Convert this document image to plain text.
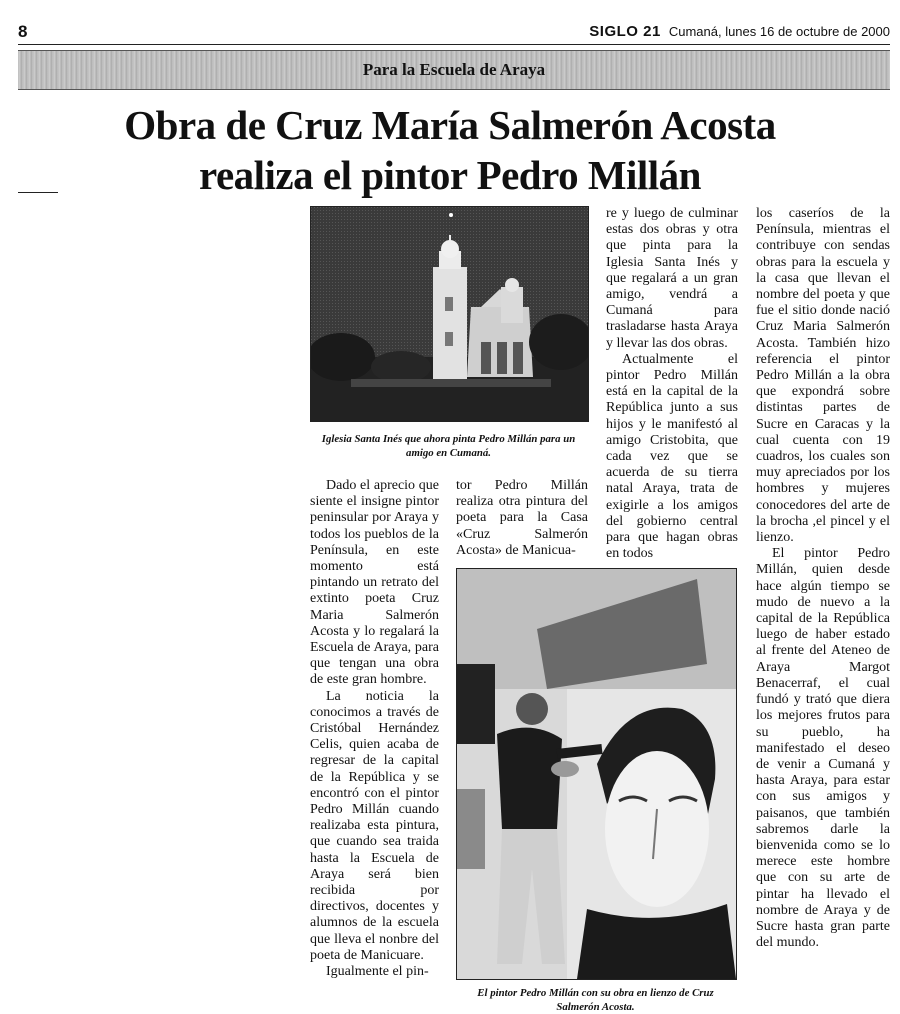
8	SIGLO 21 Cumaná, lunes 16 de octubre de 2000
Para la Escuela de Araya
Obra de Cruz María Salmerón Acosta
realiza el pintor Pedro Millán
Iglesia Santa Inés que ahora pinta Pedro Millán para un amigo en Cumaná.
El pintor Pedro Millán con su obra en lienzo de Cruz Salmerón Acosta.

Dado el aprecio que siente el insigne pintor peninsular por Araya y todos los pueblos de la Península, en este momento está pintando un retrato del extinto poeta Cruz Maria Salmerón Acosta y lo regalará la Escuela de Araya, para que tengan una obra de este gran hombre.

La noticia la conocimos a través de Cristóbal Hernández Celis, quien acaba de regresar de la capital de la República y se encontró con el pintor Pedro Millán cuando realizaba esta pintura, que cuando sea traida hasta la Escuela de Araya será bien recibida por directivos, docentes y alumnos de la escuela que lleva el nonbre del poeta de Manicuare.

Igualmente el pin-

tor Pedro Millán realiza otra pintura del poeta para la Casa «Cruz Salmerón Acosta» de Manicua-

re y luego de culminar estas dos obras y otra que pinta para la Iglesia Santa Inés y que regalará a un gran amigo, vendrá a Cumaná para trasladarse hasta Araya y llevar las dos obras.

Actualmente el pintor Pedro Millán está en la capital de la República junto a sus hijos y le manifestó al amigo Cristobita, que cada vez que se acuerda de su tierra natal Araya, trata de exigirle a los amigos del gobierno central para que hagan obras en todos

los caseríos de la Península, mientras el contribuye con sendas obras para la escuela y la casa que llevan el nombre del poeta y que fue el sitio donde nació Cruz Maria Salmerón Acosta. También hizo referencia el pintor Pedro Millán a la obra que expondrá sobre distintas partes de Sucre en Caracas y la cual cuenta con 19 cuadros, los cuales son muy apreciados por los hombres y mujeres conocedores del arte de la brocha ,el pincel y el lienzo.

El pintor Pedro Millán, quien desde hace algún tiempo se mudo de nuevo a la capital de la República luego de haber estado al frente del Ateneo de Araya Margot Benacerraf, el cual fundó y trató que diera los mejores frutos para su pueblo, ha manifestado el deseo de venir a Cumaná y hasta Araya, para estar con sus amigos y paisanos, que también sabremos darle la bienvenida como se lo merece este hombre que con su arte de pintar ha llevado el nombre de Araya y de Sucre hasta gran parte del mundo.
